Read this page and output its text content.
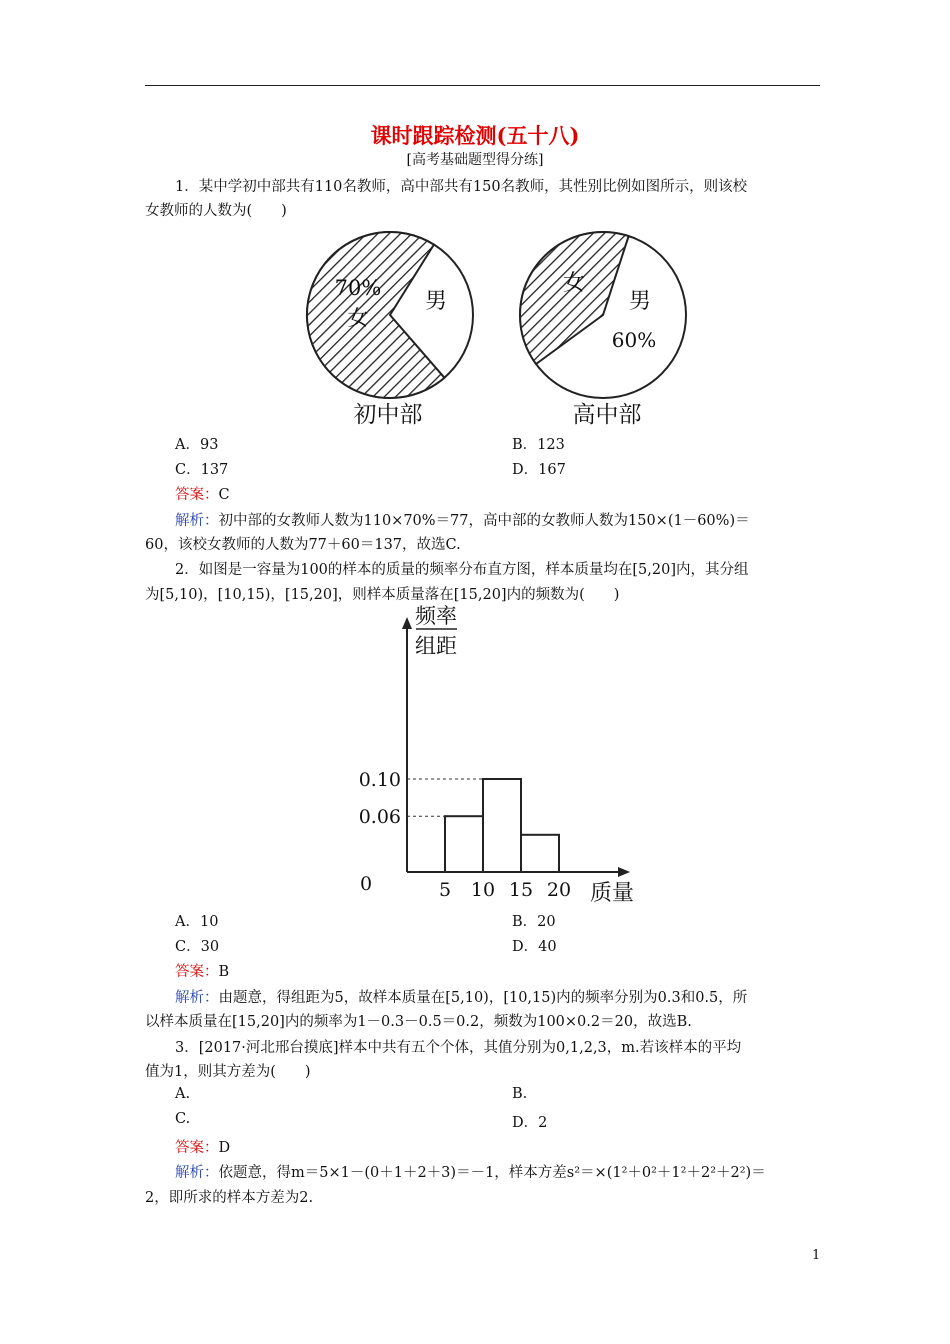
课时跟踪检测(五十八)
[高考基础题型得分练]
1．某中学初中部共有110名教师，高中部共有150名教师，其性别比例如图所示，则该校
女教师的人数为(　　)
70%
女
男
初中部
女
男
60%
高中部
A．93	B．123
C．137	D．167
答案：C
解析：初中部的女教师人数为110×70%＝77，高中部的女教师人数为150×(1－60%)＝
60，该校女教师的人数为77＋60＝137，故选C.
2．如图是一容量为100的样本的质量的频率分布直方图，样本质量均在[5,20]内，其分组
为[5,10)，[10,15)，[15,20]，则样本质量落在[15,20]内的频数为(　　)
0.06
0.10
5 10 15 20
频率
组距
质量
0
A．10	B．20
C．30	D．40
答案：B
解析：由题意，得组距为5，故样本质量在[5,10)，[10,15)内的频率分别为0.3和0.5，所
以样本质量在[15,20]内的频率为1－0.3－0.5＝0.2，频数为100×0.2＝20，故选B.
3．[2017·河北邢台摸底]样本中共有五个个体，其值分别为0,1,2,3，m.若该样本的平均
值为1，则其方差为(　　)
A.	B.
C.	D．2
答案：D
解析：依题意，得m＝5×1－(0＋1＋2＋3)＝－1，样本方差s²＝×(1²＋0²＋1²＋2²＋2²)＝
2，即所求的样本方差为2.
1
